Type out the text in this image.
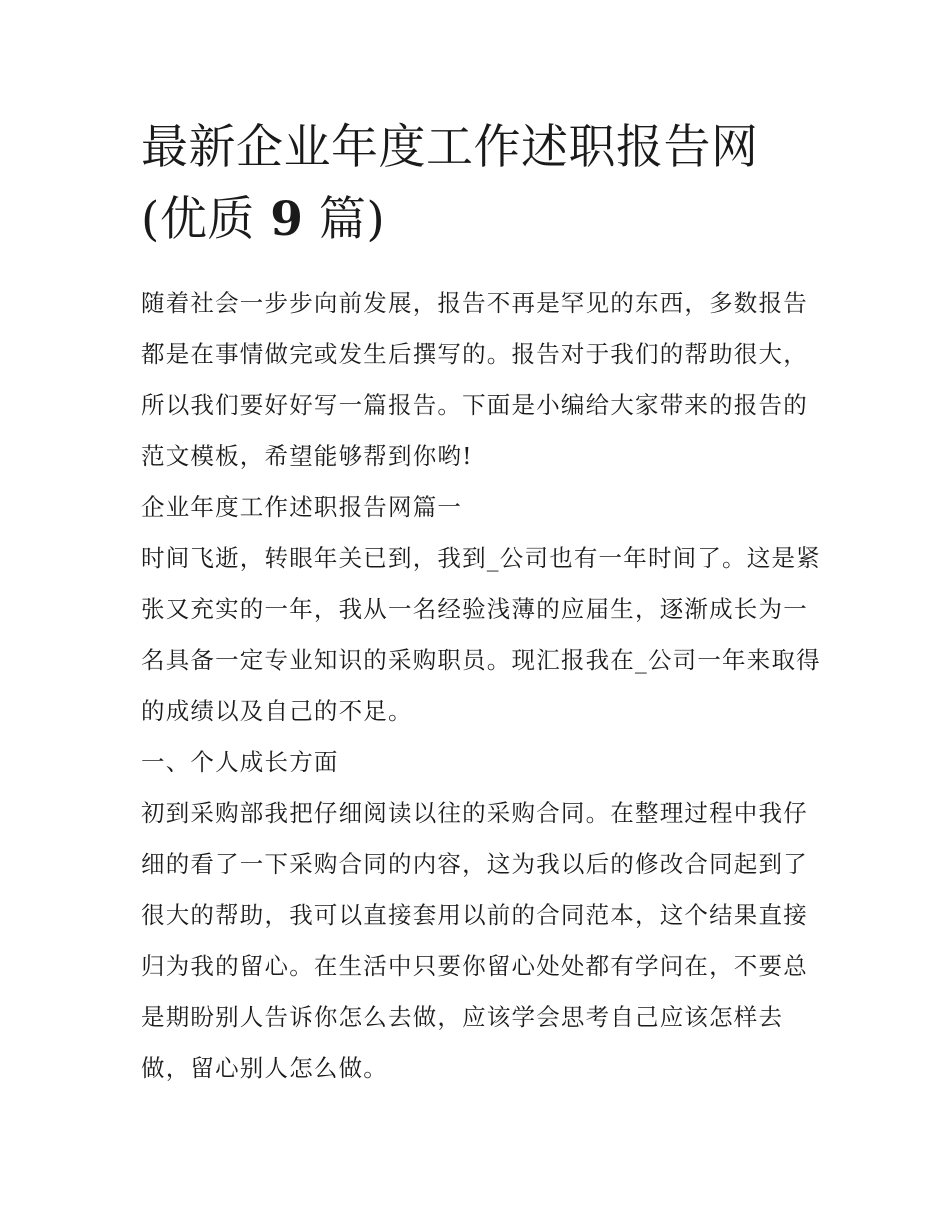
最新企业年度工作述职报告网
(优质 9 篇)

随着社会一步步向前发展，报告不再是罕见的东西，多数报告都是在事情做完或发生后撰写的。报告对于我们的帮助很大，所以我们要好好写一篇报告。下面是小编给大家带来的报告的范文模板，希望能够帮到你哟!

企业年度工作述职报告网篇一

时间飞逝，转眼年关已到，我到_公司也有一年时间了。这是紧张又充实的一年，我从一名经验浅薄的应届生，逐渐成长为一名具备一定专业知识的采购职员。现汇报我在_公司一年来取得的成绩以及自己的不足。

一、个人成长方面

初到采购部我把仔细阅读以往的采购合同。在整理过程中我仔细的看了一下采购合同的内容，这为我以后的修改合同起到了很大的帮助，我可以直接套用以前的合同范本，这个结果直接归为我的留心。在生活中只要你留心处处都有学问在，不要总是期盼别人告诉你怎么去做，应该学会思考自己应该怎样去做，留心别人怎么做。
